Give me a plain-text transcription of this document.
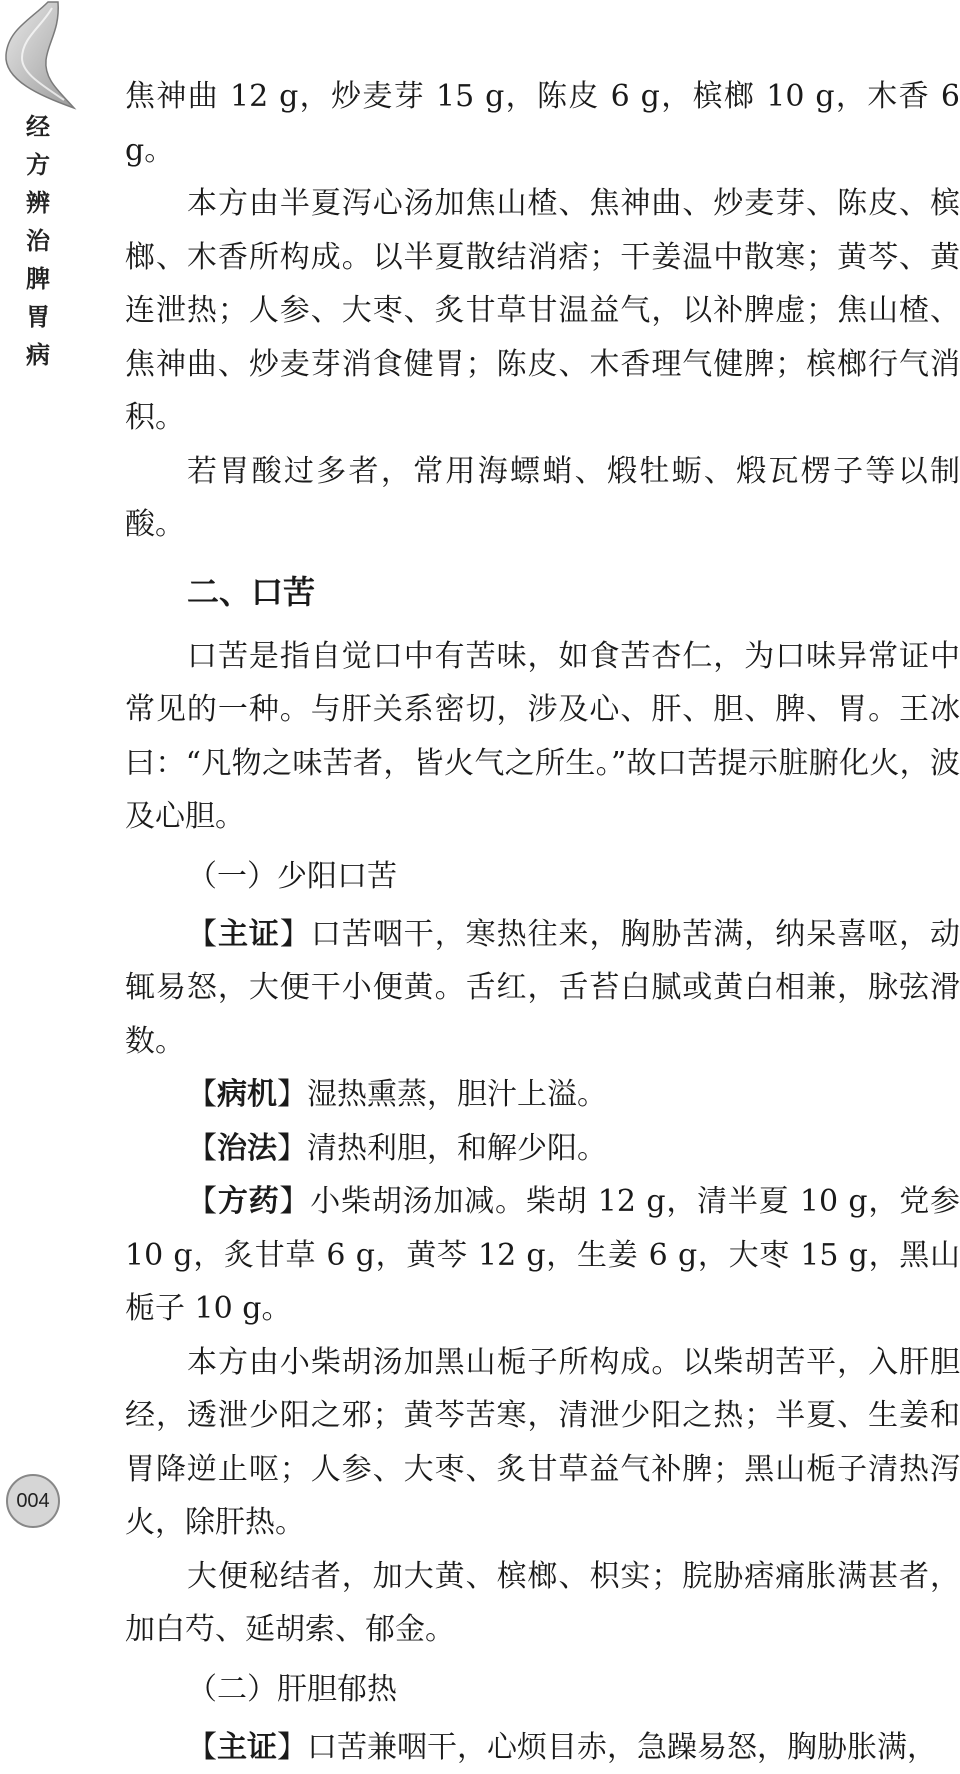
经
方
辨
治
脾
胃
病
004

焦神曲 12 g，炒麦芽 15 g，陈皮 6 g，槟榔 10 g，木香 6 g。

本方由半夏泻心汤加焦山楂、焦神曲、炒麦芽、陈皮、槟榔、木香所构成。以半夏散结消痞；干姜温中散寒；黄芩、黄连泄热；人参、大枣、炙甘草甘温益气，以补脾虚；焦山楂、焦神曲、炒麦芽消食健胃；陈皮、木香理气健脾；槟榔行气消积。

若胃酸过多者，常用海螵蛸、煅牡蛎、煅瓦楞子等以制酸。

二、口苦

口苦是指自觉口中有苦味，如食苦杏仁，为口味异常证中常见的一种。与肝关系密切，涉及心、肝、胆、脾、胃。王冰曰：“凡物之味苦者，皆火气之所生。”故口苦提示脏腑化火，波及心胆。

（一）少阳口苦

【 主证 】 口苦咽干，寒热往来，胸胁苦满，纳呆喜呕，动辄易怒，大便干小便黄。舌红，舌苔白腻或黄白相兼，脉弦滑数。

【 病机 】 湿热熏蒸，胆汁上溢。

【 治法 】 清热利胆，和解少阳。

【 方药 】 小柴胡汤加减。柴胡 12 g，清半夏 10 g，党参 10 g，炙甘草 6 g，黄芩 12 g，生姜 6 g，大枣 15 g，黑山栀子 10 g。

本方由小柴胡汤加黑山栀子所构成。以柴胡苦平，入肝胆经，透泄少阳之邪；黄芩苦寒，清泄少阳之热；半夏、生姜和胃降逆止呕；人参、大枣、炙甘草益气补脾；黑山栀子清热泻火，除肝热。

大便秘结者，加大黄、槟榔、枳实；脘胁痞痛胀满甚者，加白芍、延胡索、郁金。

（二）肝胆郁热

【 主证 】 口苦兼咽干，心烦目赤，急躁易怒，胸胁胀满，
